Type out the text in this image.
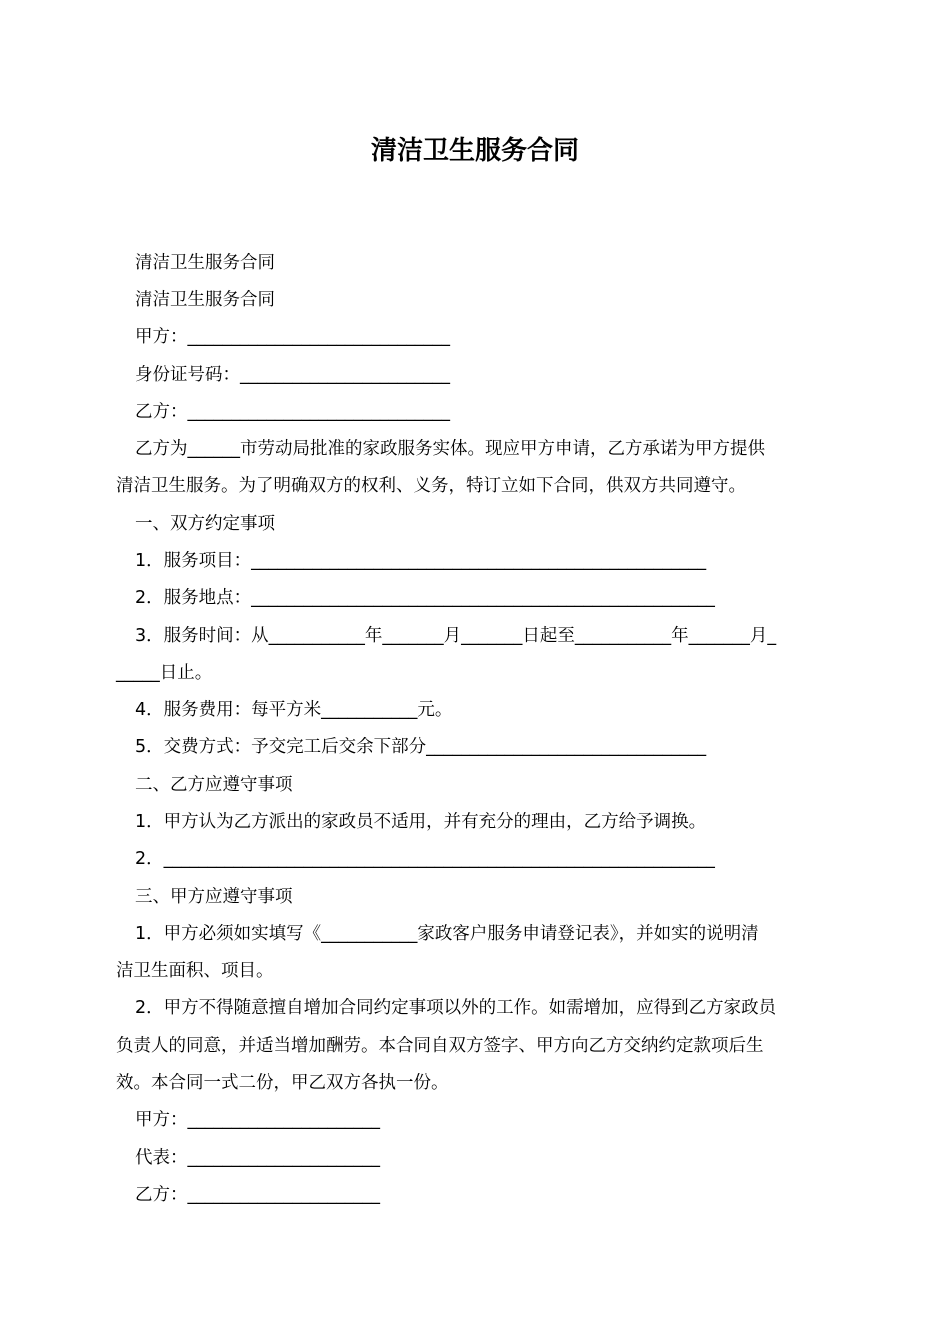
清洁卫生服务合同
清洁卫生服务合同
清洁卫生服务合同
甲方：______________________________
身份证号码：________________________
乙方：______________________________
乙方为______市劳动局批准的家政服务实体。现应甲方申请，乙方承诺为甲方提供
清洁卫生服务。为了明确双方的权利、义务，特订立如下合同，供双方共同遵守。
一、双方约定事项
1．服务项目：____________________________________________________
2．服务地点：_____________________________________________________
3．服务时间：从___________年_______月_______日起至___________年_______月_
_____日止。
4．服务费用：每平方米___________元。
5．交费方式：予交完工后交余下部分________________________________
二、乙方应遵守事项
1．甲方认为乙方派出的家政员不适用，并有充分的理由，乙方给予调换。
2．_______________________________________________________________
三、甲方应遵守事项
1．甲方必须如实填写《___________家政客户服务申请登记表》，并如实的说明清
洁卫生面积、项目。
2．甲方不得随意擅自增加合同约定事项以外的工作。如需增加，应得到乙方家政员
负责人的同意，并适当增加酬劳。本合同自双方签字、甲方向乙方交纳约定款项后生
效。本合同一式二份，甲乙双方各执一份。
甲方：______________________
代表：______________________
乙方：______________________
